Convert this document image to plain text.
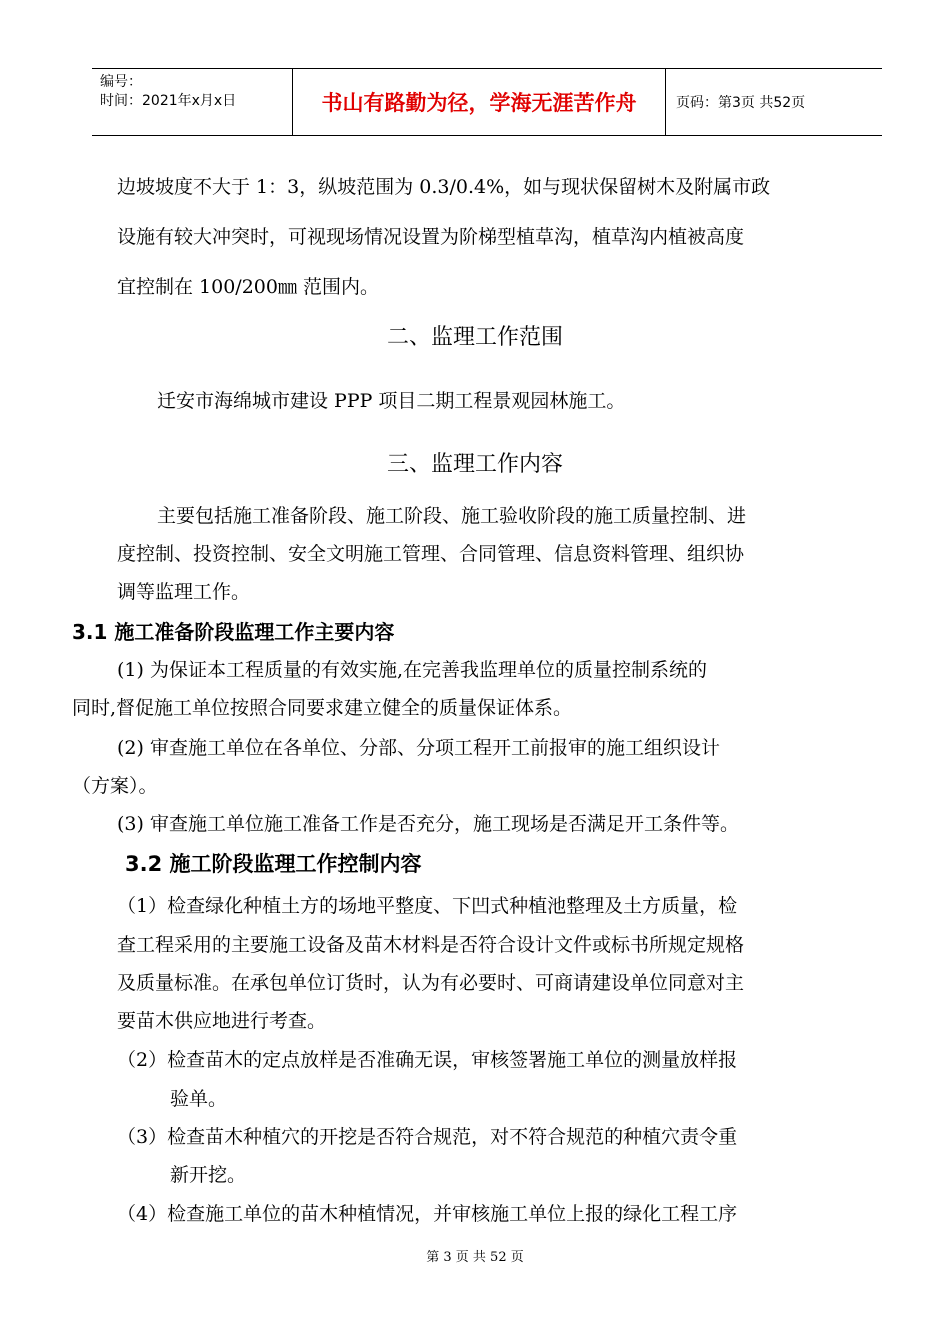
编号：
时间：2021年x月x日	书山有路勤为径，学海无涯苦作舟	页码：第3页 共52页
边坡坡度不大于 1：3，纵坡范围为 0.3/0.4%，如与现状保留树木及附属市政
设施有较大冲突时，可视现场情况设置为阶梯型植草沟，植草沟内植被高度
宜控制在 100/200㎜ 范围内。
二、监理工作范围
迁安市海绵城市建设 PPP 项目二期工程景观园林施工。
三、监理工作内容
主要包括施工准备阶段、施工阶段、施工验收阶段的施工质量控制、进
度控制、投资控制、安全文明施工管理、合同管理、信息资料管理、组织协
调等监理工作。
3.1 施工准备阶段监理工作主要内容
(1) 为保证本工程质量的有效实施,在完善我监理单位的质量控制系统的
同时,督促施工单位按照合同要求建立健全的质量保证体系。
(2) 审查施工单位在各单位、分部、分项工程开工前报审的施工组织设计
（方案）。
(3) 审查施工单位施工准备工作是否充分，施工现场是否满足开工条件等。
3.2 施工阶段监理工作控制内容
（1）检查绿化种植土方的场地平整度、下凹式种植池整理及土方质量，检
查工程采用的主要施工设备及苗木材料是否符合设计文件或标书所规定规格
及质量标准。在承包单位订货时，认为有必要时、可商请建设单位同意对主
要苗木供应地进行考查。
（2）检查苗木的定点放样是否准确无误，审核签署施工单位的测量放样报
验单。
（3）检查苗木种植穴的开挖是否符合规范，对不符合规范的种植穴责令重
新开挖。
（4）检查施工单位的苗木种植情况，并审核施工单位上报的绿化工程工序
第 3 页 共 52 页
